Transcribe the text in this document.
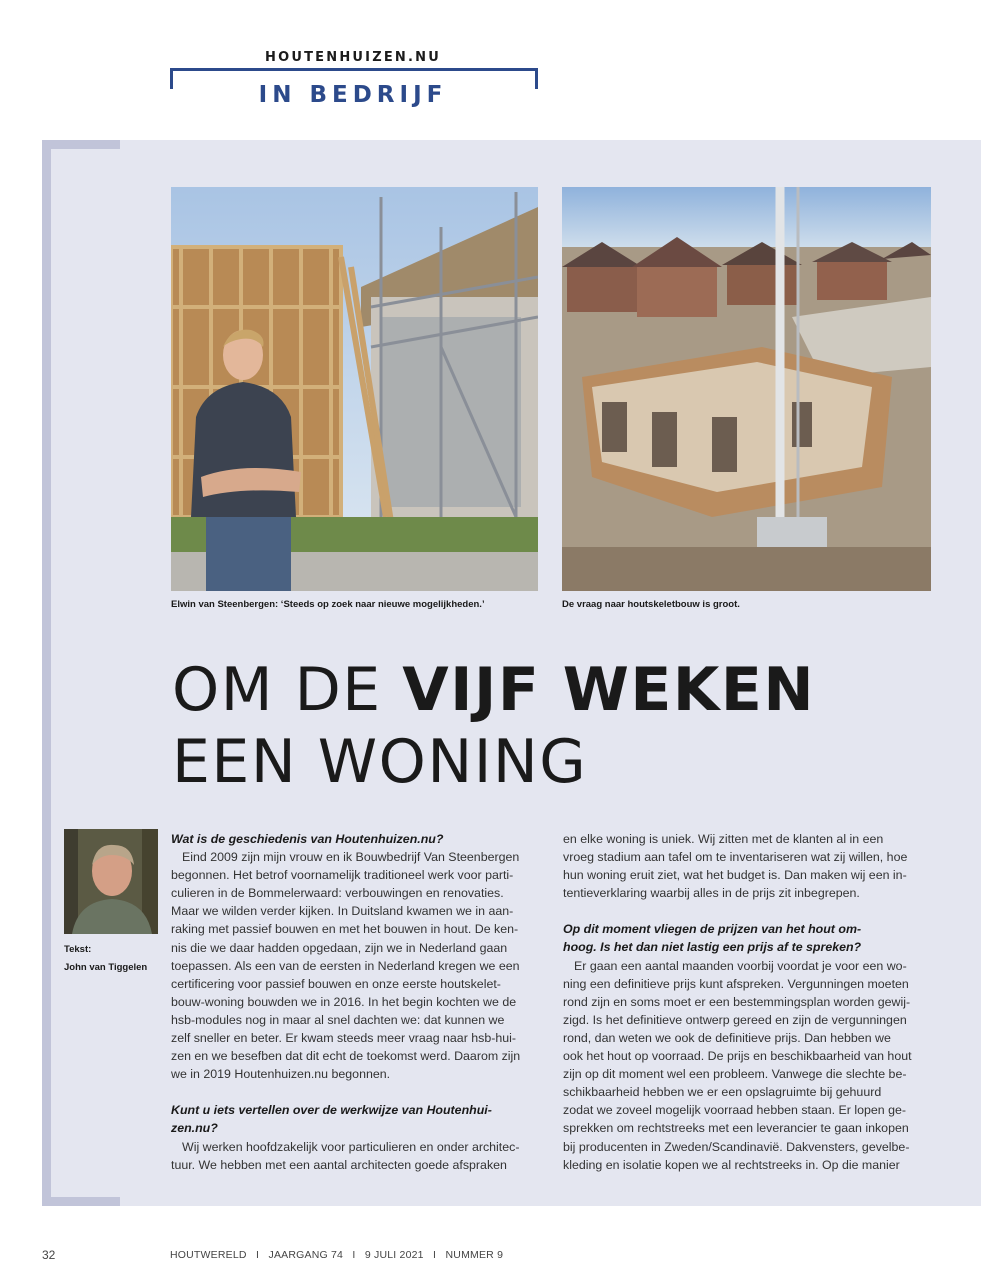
HOUTENHUIZEN.NU
IN BEDRIJF
Elwin van Steenbergen: ‘Steeds op zoek naar nieuwe mogelijkheden.’	De vraag naar houtskeletbouw is groot.
OM DE VIJF WEKEN
EEN WONING
Tekst:
John van Tiggelen

Wat is de geschiedenis van Houtenhuizen.nu?

Eind 2009 zijn mijn vrouw en ik Bouwbedrijf Van Steenbergen
begonnen. Het betrof voornamelijk traditioneel werk voor parti-
culieren in de Bommelerwaard: verbouwingen en renovaties.
Maar we wilden verder kijken. In Duitsland kwamen we in aan-
raking met passief bouwen en met het bouwen in hout. De ken-
nis die we daar hadden opgedaan, zijn we in Nederland gaan
toepassen. Als een van de eersten in Nederland kregen we een
certificering voor passief bouwen en onze eerste houtskelet-
bouw-woning bouwden we in 2016. In het begin kochten we de
hsb-modules nog in maar al snel dachten we: dat kunnen we
zelf sneller en beter. Er kwam steeds meer vraag naar hsb-hui-
zen en we besefben dat dit echt de toekomst werd. Daarom zijn
we in 2019 Houtenhuizen.nu begonnen.

Kunt u iets vertellen over de werkwijze van Houtenhui-
zen.nu?

Wij werken hoofdzakelijk voor particulieren en onder architec-
tuur. We hebben met een aantal architecten goede afspraken

en elke woning is uniek. Wij zitten met de klanten al in een
vroeg stadium aan tafel om te inventariseren wat zij willen, hoe
hun woning eruit ziet, wat het budget is. Dan maken wij een in-
tentieverklaring waarbij alles in de prijs zit inbegrepen.

Op dit moment vliegen de prijzen van het hout om-
hoog. Is het dan niet lastig een prijs af te spreken?

Er gaan een aantal maanden voorbij voordat je voor een wo-
ning een definitieve prijs kunt afspreken. Vergunningen moeten
rond zijn en soms moet er een bestemmingsplan worden gewij-
zigd. Is het definitieve ontwerp gereed en zijn de vergunningen
rond, dan weten we ook de definitieve prijs. Dan hebben we
ook het hout op voorraad. De prijs en beschikbaarheid van hout
zijn op dit moment wel een probleem. Vanwege die slechte be-
schikbaarheid hebben we er een opslagruimte bij gehuurd
zodat we zoveel mogelijk voorraad hebben staan. Er lopen ge-
sprekken om rechtstreeks met een leverancier te gaan inkopen
bij producenten in Zweden/Scandinavië. Dakvensters, gevelbe-
kleding en isolatie kopen we al rechtstreeks in. Op die manier

32	HOUTWERELD   I   JAARGANG 74   I   9 JULI 2021   I   NUMMER 9
